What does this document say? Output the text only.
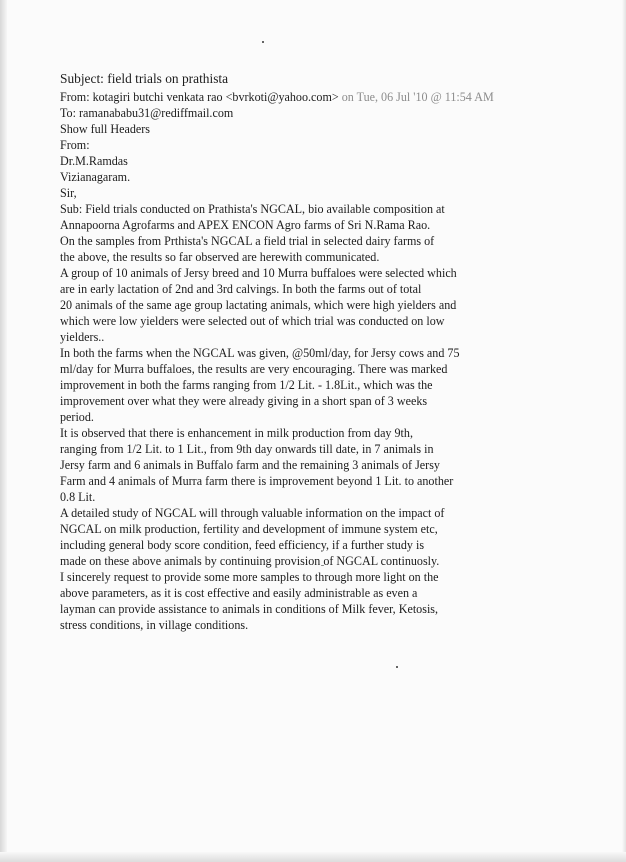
Subject: field trials on prathista
From: kotagiri butchi venkata rao <bvrkoti@yahoo.com> on Tue, 06 Jul '10 @ 11:54 AM
To: ramanababu31@rediffmail.com
Show full Headers
From:
Dr.M.Ramdas
Vizianagaram.
Sir,
Sub: Field trials conducted on Prathista's NGCAL, bio available composition at
Annapoorna Agrofarms and APEX ENCON Agro farms of Sri N.Rama Rao.
On the samples from Prthista's NGCAL a field trial in selected dairy farms of
the above, the results so far observed are herewith communicated.
A group of 10 animals of Jersy breed and 10 Murra buffaloes were selected which
are in early lactation of 2nd and 3rd calvings. In both the farms out of total
20 animals of the same age group lactating animals, which were high yielders and
which were low yielders were selected out of which trial was conducted on low
yielders..
In both the farms when the NGCAL was given, @50ml/day, for Jersy cows and 75
ml/day for Murra buffaloes, the results are very encouraging. There was marked
improvement in both the farms ranging from 1/2 Lit. - 1.8Lit., which was the
improvement over what they were already giving in a short span of 3 weeks
period.
It is observed that there is enhancement in milk production from day 9th,
ranging from 1/2 Lit. to 1 Lit., from 9th day onwards till date, in 7 animals in
Jersy farm and 6 animals in Buffalo farm and the remaining 3 animals of Jersy
Farm and 4 animals of Murra farm there is improvement beyond 1 Lit. to another
0.8 Lit.
A detailed study of NGCAL will through valuable information on the impact of
NGCAL on milk production, fertility and development of immune system etc,
including general body score condition, feed efficiency, if a further study is
made on these above animals by continuing provision of NGCAL continuosly.
I sincerely request to provide some more samples to through more light on the
above parameters, as it is cost effective and easily administrable as even a
layman can provide assistance to animals in conditions of Milk fever, Ketosis,
stress conditions, in village conditions.
